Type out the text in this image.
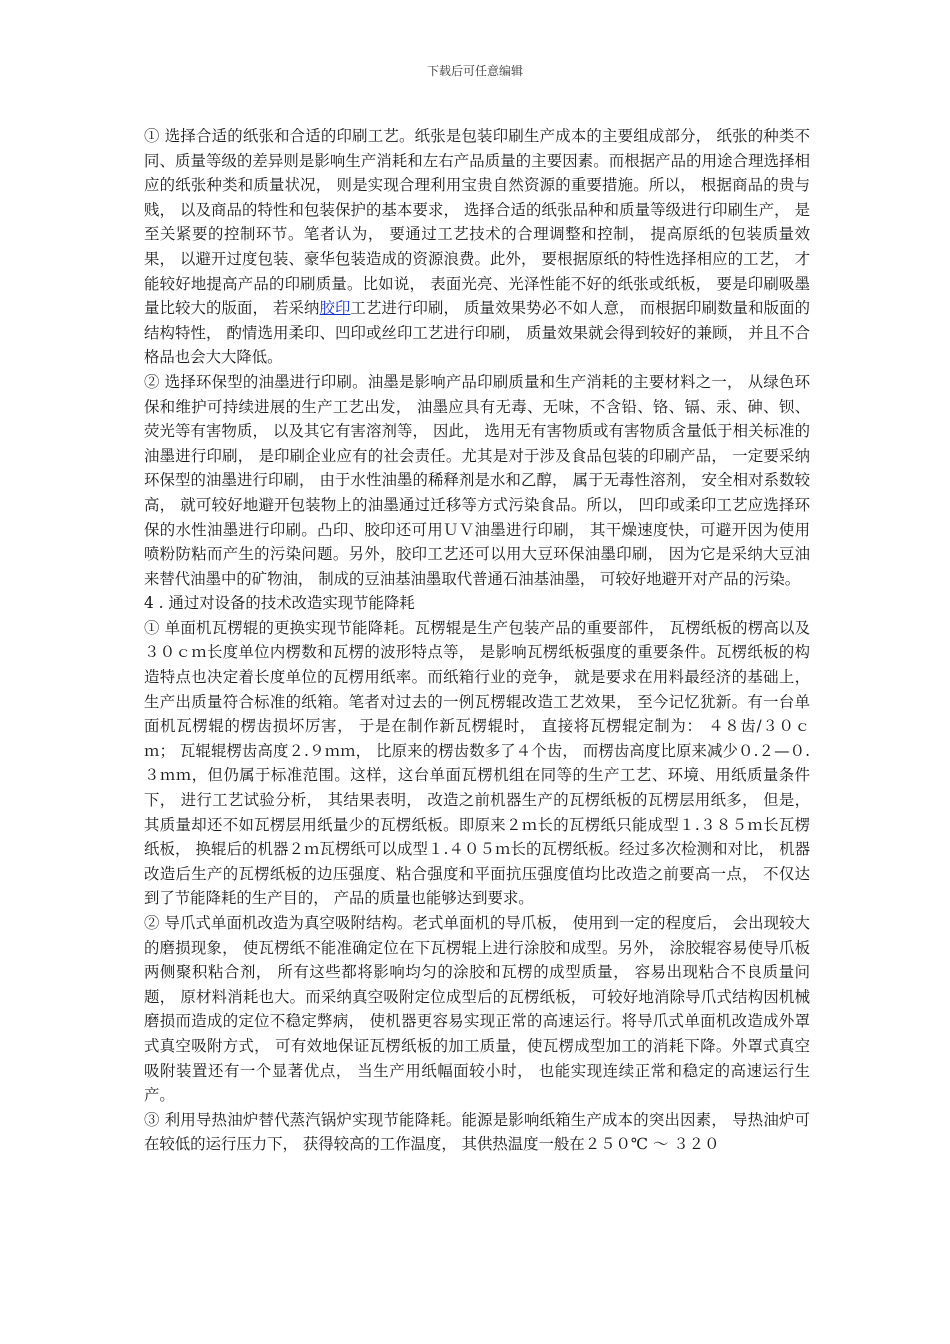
下载后可任意编辑

① 选择合适的纸张和合适的印刷工艺。纸张是包装印刷生产成本的主要组成部分， 纸张的种类不同、质量等级的差异则是影响生产消耗和左右产品质量的主要因素。而根据产品的用途合理选择相应的纸张种类和质量状况， 则是实现合理利用宝贵自然资源的重要措施。所以， 根据商品的贵与贱， 以及商品的特性和包装保护的基本要求， 选择合适的纸张品种和质量等级进行印刷生产， 是至关紧要的控制环节。笔者认为， 要通过工艺技术的合理调整和控制， 提高原纸的包装质量效果， 以避开过度包装、豪华包装造成的资源浪费。此外， 要根据原纸的特性选择相应的工艺， 才能较好地提高产品的印刷质量。比如说， 表面光亮、光泽性能不好的纸张或纸板， 要是印刷吸墨量比较大的版面， 若采纳胶印工艺进行印刷， 质量效果势必不如人意， 而根据印刷数量和版面的结构特性， 酌情选用柔印、凹印或丝印工艺进行印刷， 质量效果就会得到较好的兼顾， 并且不合格品也会大大降低。

② 选择环保型的油墨进行印刷。油墨是影响产品印刷质量和生产消耗的主要材料之一， 从绿色环保和维护可持续进展的生产工艺出发， 油墨应具有无毒、无味，不含铅、铬、镉、汞、砷、钡、荧光等有害物质， 以及其它有害溶剂等， 因此， 选用无有害物质或有害物质含量低于相关标准的油墨进行印刷， 是印刷企业应有的社会责任。尤其是对于涉及食品包装的印刷产品， 一定要采纳环保型的油墨进行印刷， 由于水性油墨的稀释剂是水和乙醇， 属于无毒性溶剂， 安全相对系数较高， 就可较好地避开包装物上的油墨通过迁移等方式污染食品。所以， 凹印或柔印工艺应选择环保的水性油墨进行印刷。凸印、胶印还可用ＵＶ油墨进行印刷， 其干燥速度快，可避开因为使用喷粉防粘而产生的污染问题。另外，胶印工艺还可以用大豆环保油墨印刷， 因为它是采纳大豆油来替代油墨中的矿物油， 制成的豆油基油墨取代普通石油基油墨， 可较好地避开对产品的污染。

4 . 通过对设备的技术改造实现节能降耗

① 单面机瓦楞辊的更换实现节能降耗。瓦楞辊是生产包装产品的重要部件， 瓦楞纸板的楞高以及３０ｃｍ长度单位内楞数和瓦楞的波形特点等， 是影响瓦楞纸板强度的重要条件。瓦楞纸板的构造特点也决定着长度单位的瓦楞用纸率。而纸箱行业的竞争， 就是要求在用料最经济的基础上， 生产出质量符合标准的纸箱。笔者对过去的一例瓦楞辊改造工艺效果， 至今记忆犹新。有一台单面机瓦楞辊的楞齿损坏厉害， 于是在制作新瓦楞辊时， 直接将瓦楞辊定制为： ４８齿/３０ｃｍ； 瓦辊辊楞齿高度２.９ｍｍ， 比原来的楞齿数多了４个齿， 而楞齿高度比原来减少０.２—０.３ｍｍ，但仍属于标准范围。这样，这台单面瓦楞机组在同等的生产工艺、环境、用纸质量条件下， 进行工艺试验分析， 其结果表明， 改造之前机器生产的瓦楞纸板的瓦楞层用纸多， 但是， 其质量却还不如瓦楞层用纸量少的瓦楞纸板。即原来２ｍ长的瓦楞纸只能成型１.３８５ｍ长瓦楞纸板， 换辊后的机器２ｍ瓦楞纸可以成型１.４０５ｍ长的瓦楞纸板。经过多次检测和对比， 机器改造后生产的瓦楞纸板的边压强度、粘合强度和平面抗压强度值均比改造之前要高一点， 不仅达到了节能降耗的生产目的， 产品的质量也能够达到要求。

② 导爪式单面机改造为真空吸附结构。老式单面机的导爪板， 使用到一定的程度后， 会出现较大的磨损现象， 使瓦楞纸不能准确定位在下瓦楞辊上进行涂胶和成型。另外， 涂胶辊容易使导爪板两侧聚积粘合剂， 所有这些都将影响均匀的涂胶和瓦楞的成型质量， 容易出现粘合不良质量问题， 原材料消耗也大。而采纳真空吸附定位成型后的瓦楞纸板， 可较好地消除导爪式结构因机械磨损而造成的定位不稳定弊病， 使机器更容易实现正常的高速运行。将导爪式单面机改造成外罩式真空吸附方式， 可有效地保证瓦楞纸板的加工质量，使瓦楞成型加工的消耗下降。外罩式真空吸附装置还有一个显著优点， 当生产用纸幅面较小时， 也能实现连续正常和稳定的高速运行生产。

③ 利用导热油炉替代蒸汽锅炉实现节能降耗。能源是影响纸箱生产成本的突出因素， 导热油炉可在较低的运行压力下， 获得较高的工作温度， 其供热温度一般在２５０℃ ～ ３２０
